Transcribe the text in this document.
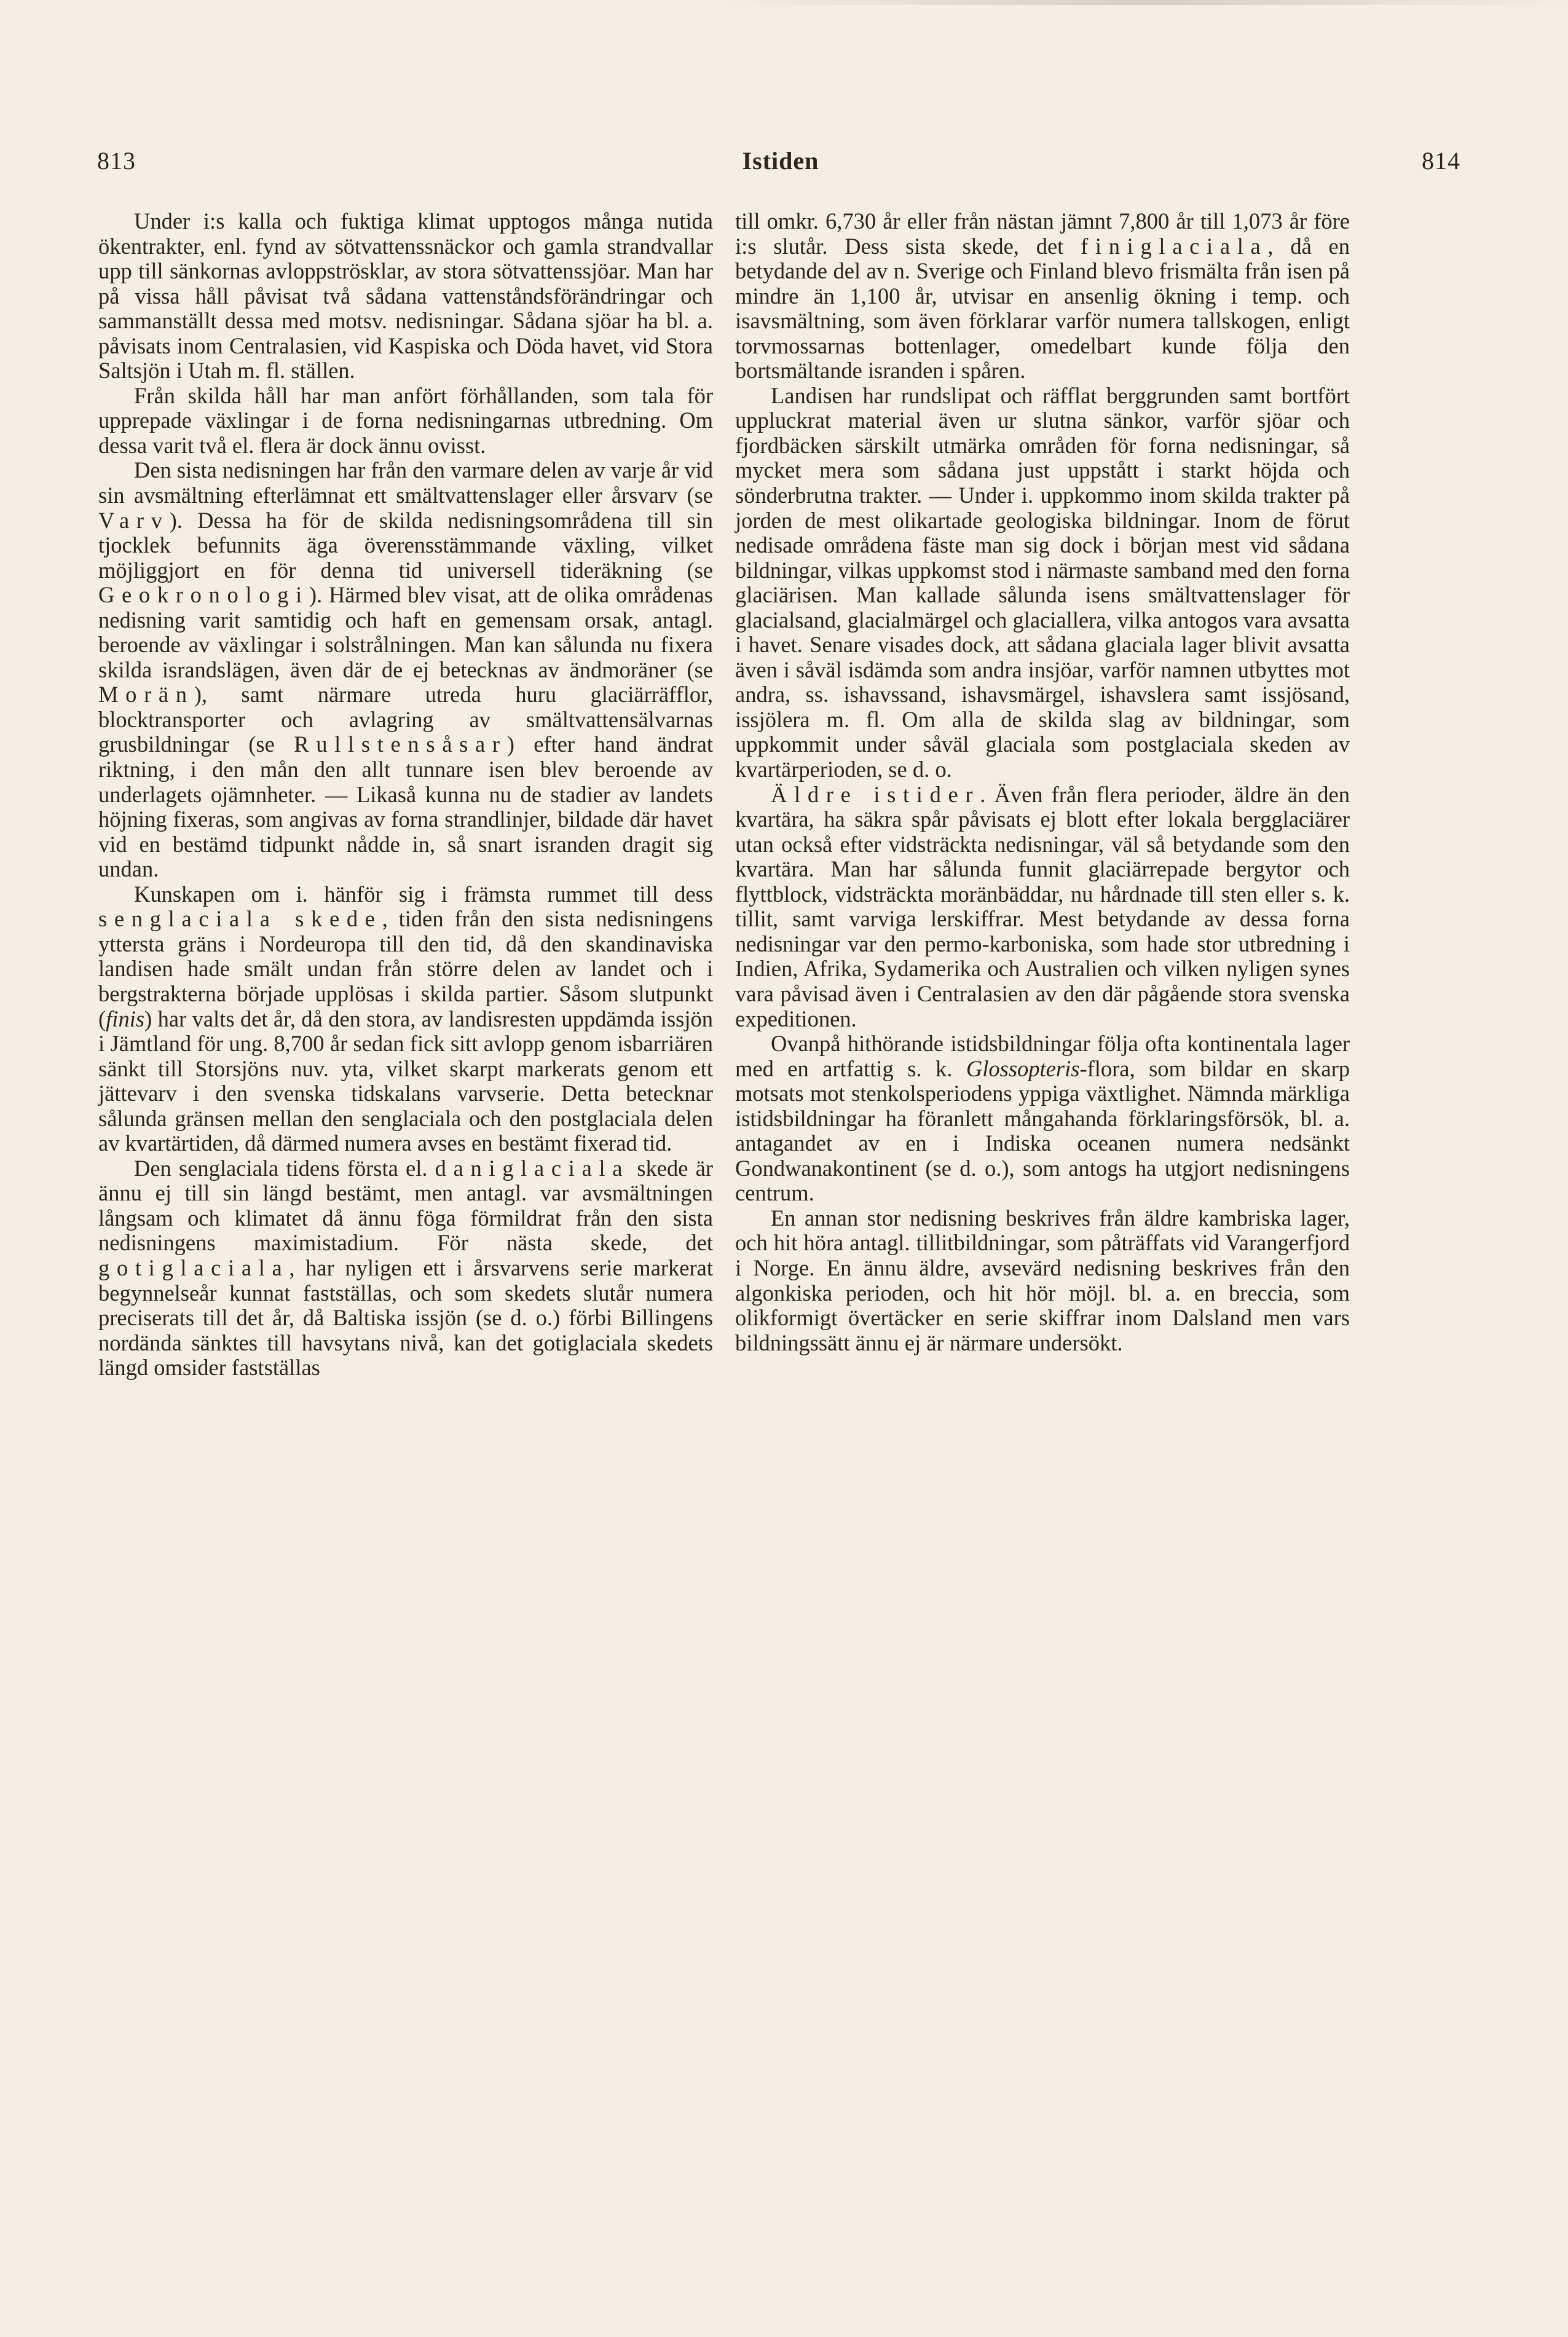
813	Istiden	814

Under i:s kalla och fuktiga klimat upptogos många nutida ökentrakter, enl. fynd av sötvattenssnäckor och gamla strandvallar upp till sänkornas avloppströsklar, av stora sötvattenssjöar. Man har på vissa håll påvisat två sådana vattenståndsförändringar och sammanställt dessa med motsv. nedisningar. Sådana sjöar ha bl. a. påvisats inom Centralasien, vid Kaspiska och Döda havet, vid Stora Saltsjön i Utah m. fl. ställen.

Från skilda håll har man anfört förhållanden, som tala för upprepade växlingar i de forna nedisningarnas utbredning. Om dessa varit två el. flera är dock ännu ovisst.

Den sista nedisningen har från den varmare delen av varje år vid sin avsmältning efterlämnat ett smältvattenslager eller årsvarv (se Varv). Dessa ha för de skilda nedisningsområdena till sin tjocklek befunnits äga överensstämmande växling, vilket möjliggjort en för denna tid universell tideräkning (se Geokronologi). Härmed blev visat, att de olika områdenas nedisning varit samtidig och haft en gemensam orsak, antagl. beroende av växlingar i solstrålningen. Man kan sålunda nu fixera skilda israndslägen, även där de ej betecknas av ändmoräner (se Morän), samt närmare utreda huru glaciärräfflor, blocktransporter och avlagring av smältvattensälvarnas grusbildningar (se Rullstensåsar) efter hand ändrat riktning, i den mån den allt tunnare isen blev beroende av underlagets ojämnheter. — Likaså kunna nu de stadier av landets höjning fixeras, som angivas av forna strandlinjer, bildade där havet vid en bestämd tidpunkt nådde in, så snart isranden dragit sig undan.

Kunskapen om i. hänför sig i främsta rummet till dess senglaciala skede, tiden från den sista nedisningens yttersta gräns i Nordeuropa till den tid, då den skandinaviska landisen hade smält undan från större delen av landet och i bergstrakterna började upplösas i skilda partier. Såsom slutpunkt (finis) har valts det år, då den stora, av landisresten uppdämda issjön i Jämtland för ung. 8,700 år sedan fick sitt avlopp genom isbarriären sänkt till Storsjöns nuv. yta, vilket skarpt markerats genom ett jättevarv i den svenska tidskalans varvserie. Detta betecknar sålunda gränsen mellan den senglaciala och den postglaciala delen av kvartärtiden, då därmed numera avses en bestämt fixerad tid.

Den senglaciala tidens första el. daniglaciala skede är ännu ej till sin längd bestämt, men antagl. var avsmältningen långsam och klimatet då ännu föga förmildrat från den sista nedisningens maximistadium. För nästa skede, det gotiglaciala, har nyligen ett i årsvarvens serie markerat begynnelseår kunnat fastställas, och som skedets slutår numera preciserats till det år, då Baltiska issjön (se d. o.) förbi Billingens nordända sänktes till havsytans nivå, kan det gotiglaciala skedets längd omsider fastställas

till omkr. 6,730 år eller från nästan jämnt 7,800 år till 1,073 år före i:s slutår. Dess sista skede, det finiglaciala, då en betydande del av n. Sverige och Finland blevo frismälta från isen på mindre än 1,100 år, utvisar en ansenlig ökning i temp. och isavsmältning, som även förklarar varför numera tallskogen, enligt torvmossarnas bottenlager, omedelbart kunde följa den bortsmältande isranden i spåren.

Landisen har rundslipat och räfflat berggrunden samt bortfört uppluckrat material även ur slutna sänkor, varför sjöar och fjordbäcken särskilt utmärka områden för forna nedisningar, så mycket mera som sådana just uppstått i starkt höjda och sönderbrutna trakter. — Under i. uppkommo inom skilda trakter på jorden de mest olikartade geologiska bildningar. Inom de förut nedisade områdena fäste man sig dock i början mest vid sådana bildningar, vilkas uppkomst stod i närmaste samband med den forna glaciärisen. Man kallade sålunda isens smältvattenslager för glacialsand, glacialmärgel och glaciallera, vilka antogos vara avsatta i havet. Senare visades dock, att sådana glaciala lager blivit avsatta även i såväl isdämda som andra insjöar, varför namnen utbyttes mot andra, ss. ishavssand, ishavsmärgel, ishavslera samt issjösand, issjölera m. fl. Om alla de skilda slag av bildningar, som uppkommit under såväl glaciala som postglaciala skeden av kvartärperioden, se d. o.

Äldre istider. Även från flera perioder, äldre än den kvartära, ha säkra spår påvisats ej blott efter lokala bergglaciärer utan också efter vidsträckta nedisningar, väl så betydande som den kvartära. Man har sålunda funnit glaciärrepade bergytor och flyttblock, vidsträckta moränbäddar, nu hårdnade till sten eller s. k. tillit, samt varviga lerskiffrar. Mest betydande av dessa forna nedisningar var den permo-karboniska, som hade stor utbredning i Indien, Afrika, Sydamerika och Australien och vilken nyligen synes vara påvisad även i Centralasien av den där pågående stora svenska expeditionen.

Ovanpå hithörande istidsbildningar följa ofta kontinentala lager med en artfattig s. k. Glossopteris-flora, som bildar en skarp motsats mot stenkolsperiodens yppiga växtlighet. Nämnda märkliga istidsbildningar ha föranlett mångahanda förklaringsförsök, bl. a. antagandet av en i Indiska oceanen numera nedsänkt Gondwanakontinent (se d. o.), som antogs ha utgjort nedisningens centrum.

En annan stor nedisning beskrives från äldre kambriska lager, och hit höra antagl. tillitbildningar, som påträffats vid Varangerfjord i Norge. En ännu äldre, avsevärd nedisning beskrives från den algonkiska perioden, och hit hör möjl. bl. a. en breccia, som olikformigt övertäcker en serie skiffrar inom Dalsland men vars bildningssätt ännu ej är närmare undersökt.
